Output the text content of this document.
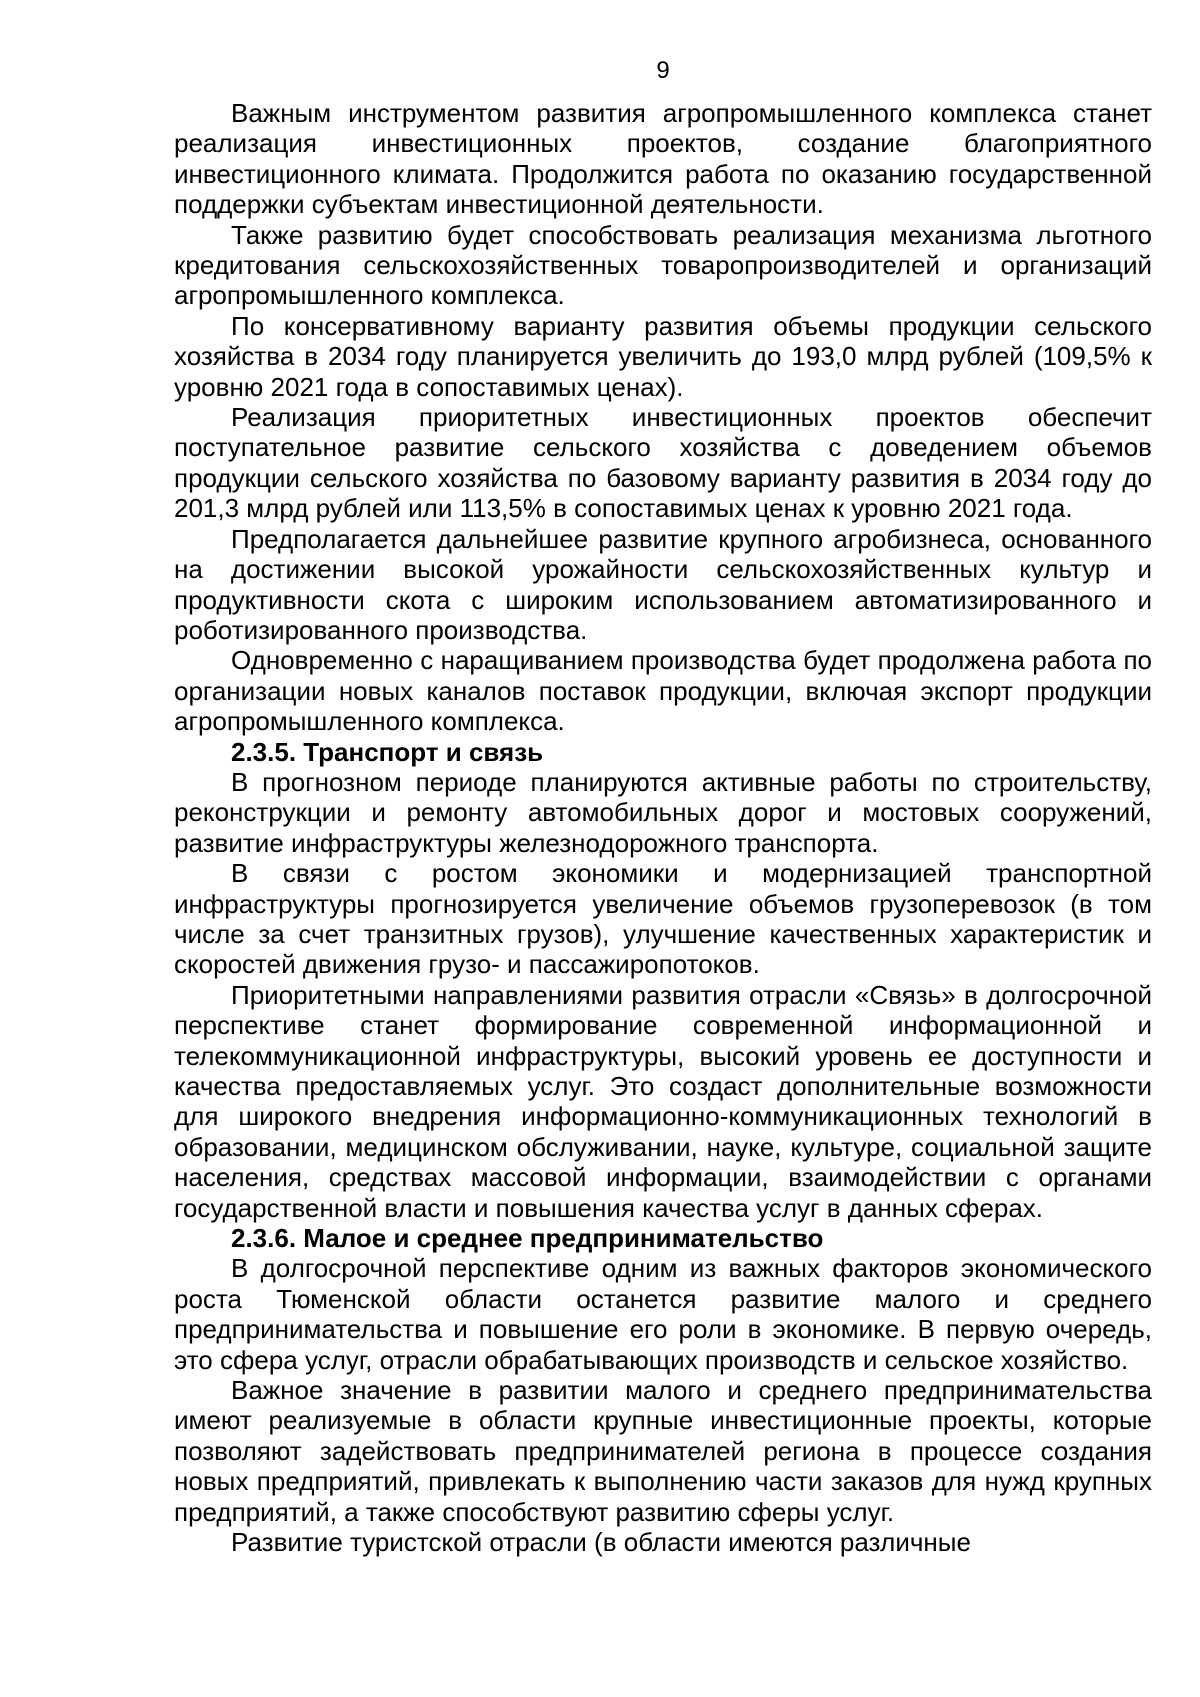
9

Важным инструментом развития агропромышленного комплекса станет реализация инвестиционных проектов, создание благоприятного инвестиционного климата. Продолжится работа по оказанию государственной поддержки субъектам инвестиционной деятельности.

Также развитию будет способствовать реализация механизма льготного кредитования сельскохозяйственных товаропроизводителей и организаций агропромышленного комплекса.

По консервативному варианту развития объемы продукции сельского хозяйства в 2034 году планируется увеличить до 193,0 млрд рублей (109,5% к уровню 2021 года в сопоставимых ценах).

Реализация приоритетных инвестиционных проектов обеспечит поступательное развитие сельского хозяйства с доведением объемов продукции сельского хозяйства по базовому варианту развития в 2034 году до 201,3 млрд рублей или 113,5% в сопоставимых ценах к уровню 2021 года.

Предполагается дальнейшее развитие крупного агробизнеса, основанного на достижении высокой урожайности сельскохозяйственных культур и продуктивности скота с широким использованием автоматизированного и роботизированного производства.

Одновременно с наращиванием производства будет продолжена работа по организации новых каналов поставок продукции, включая экспорт продукции агропромышленного комплекса.

2.3.5. Транспорт и связь

В прогнозном периоде планируются активные работы по строительству, реконструкции и ремонту автомобильных дорог и мостовых сооружений, развитие инфраструктуры железнодорожного транспорта.

В связи с ростом экономики и модернизацией транспортной инфраструктуры прогнозируется увеличение объемов грузоперевозок (в том числе за счет транзитных грузов), улучшение качественных характеристик и скоростей движения грузо- и пассажиропотоков.

Приоритетными направлениями развития отрасли «Связь» в долгосрочной перспективе станет формирование современной информационной и телекоммуникационной инфраструктуры, высокий уровень ее доступности и качества предоставляемых услуг. Это создаст дополнительные возможности для широкого внедрения информационно-коммуникационных технологий в образовании, медицинском обслуживании, науке, культуре, социальной защите населения, средствах массовой информации, взаимодействии с органами государственной власти и повышения качества услуг в данных сферах.

2.3.6. Малое и среднее предпринимательство

В долгосрочной перспективе одним из важных факторов экономического роста Тюменской области останется развитие малого и среднего предпринимательства и повышение его роли в экономике. В первую очередь, это сфера услуг, отрасли обрабатывающих производств и сельское хозяйство.

Важное значение в развитии малого и среднего предпринимательства имеют реализуемые в области крупные инвестиционные проекты, которые позволяют задействовать предпринимателей региона в процессе создания новых предприятий, привлекать к выполнению части заказов для нужд крупных предприятий, а также способствуют развитию сферы услуг.

Развитие туристской отрасли (в области имеются различные
